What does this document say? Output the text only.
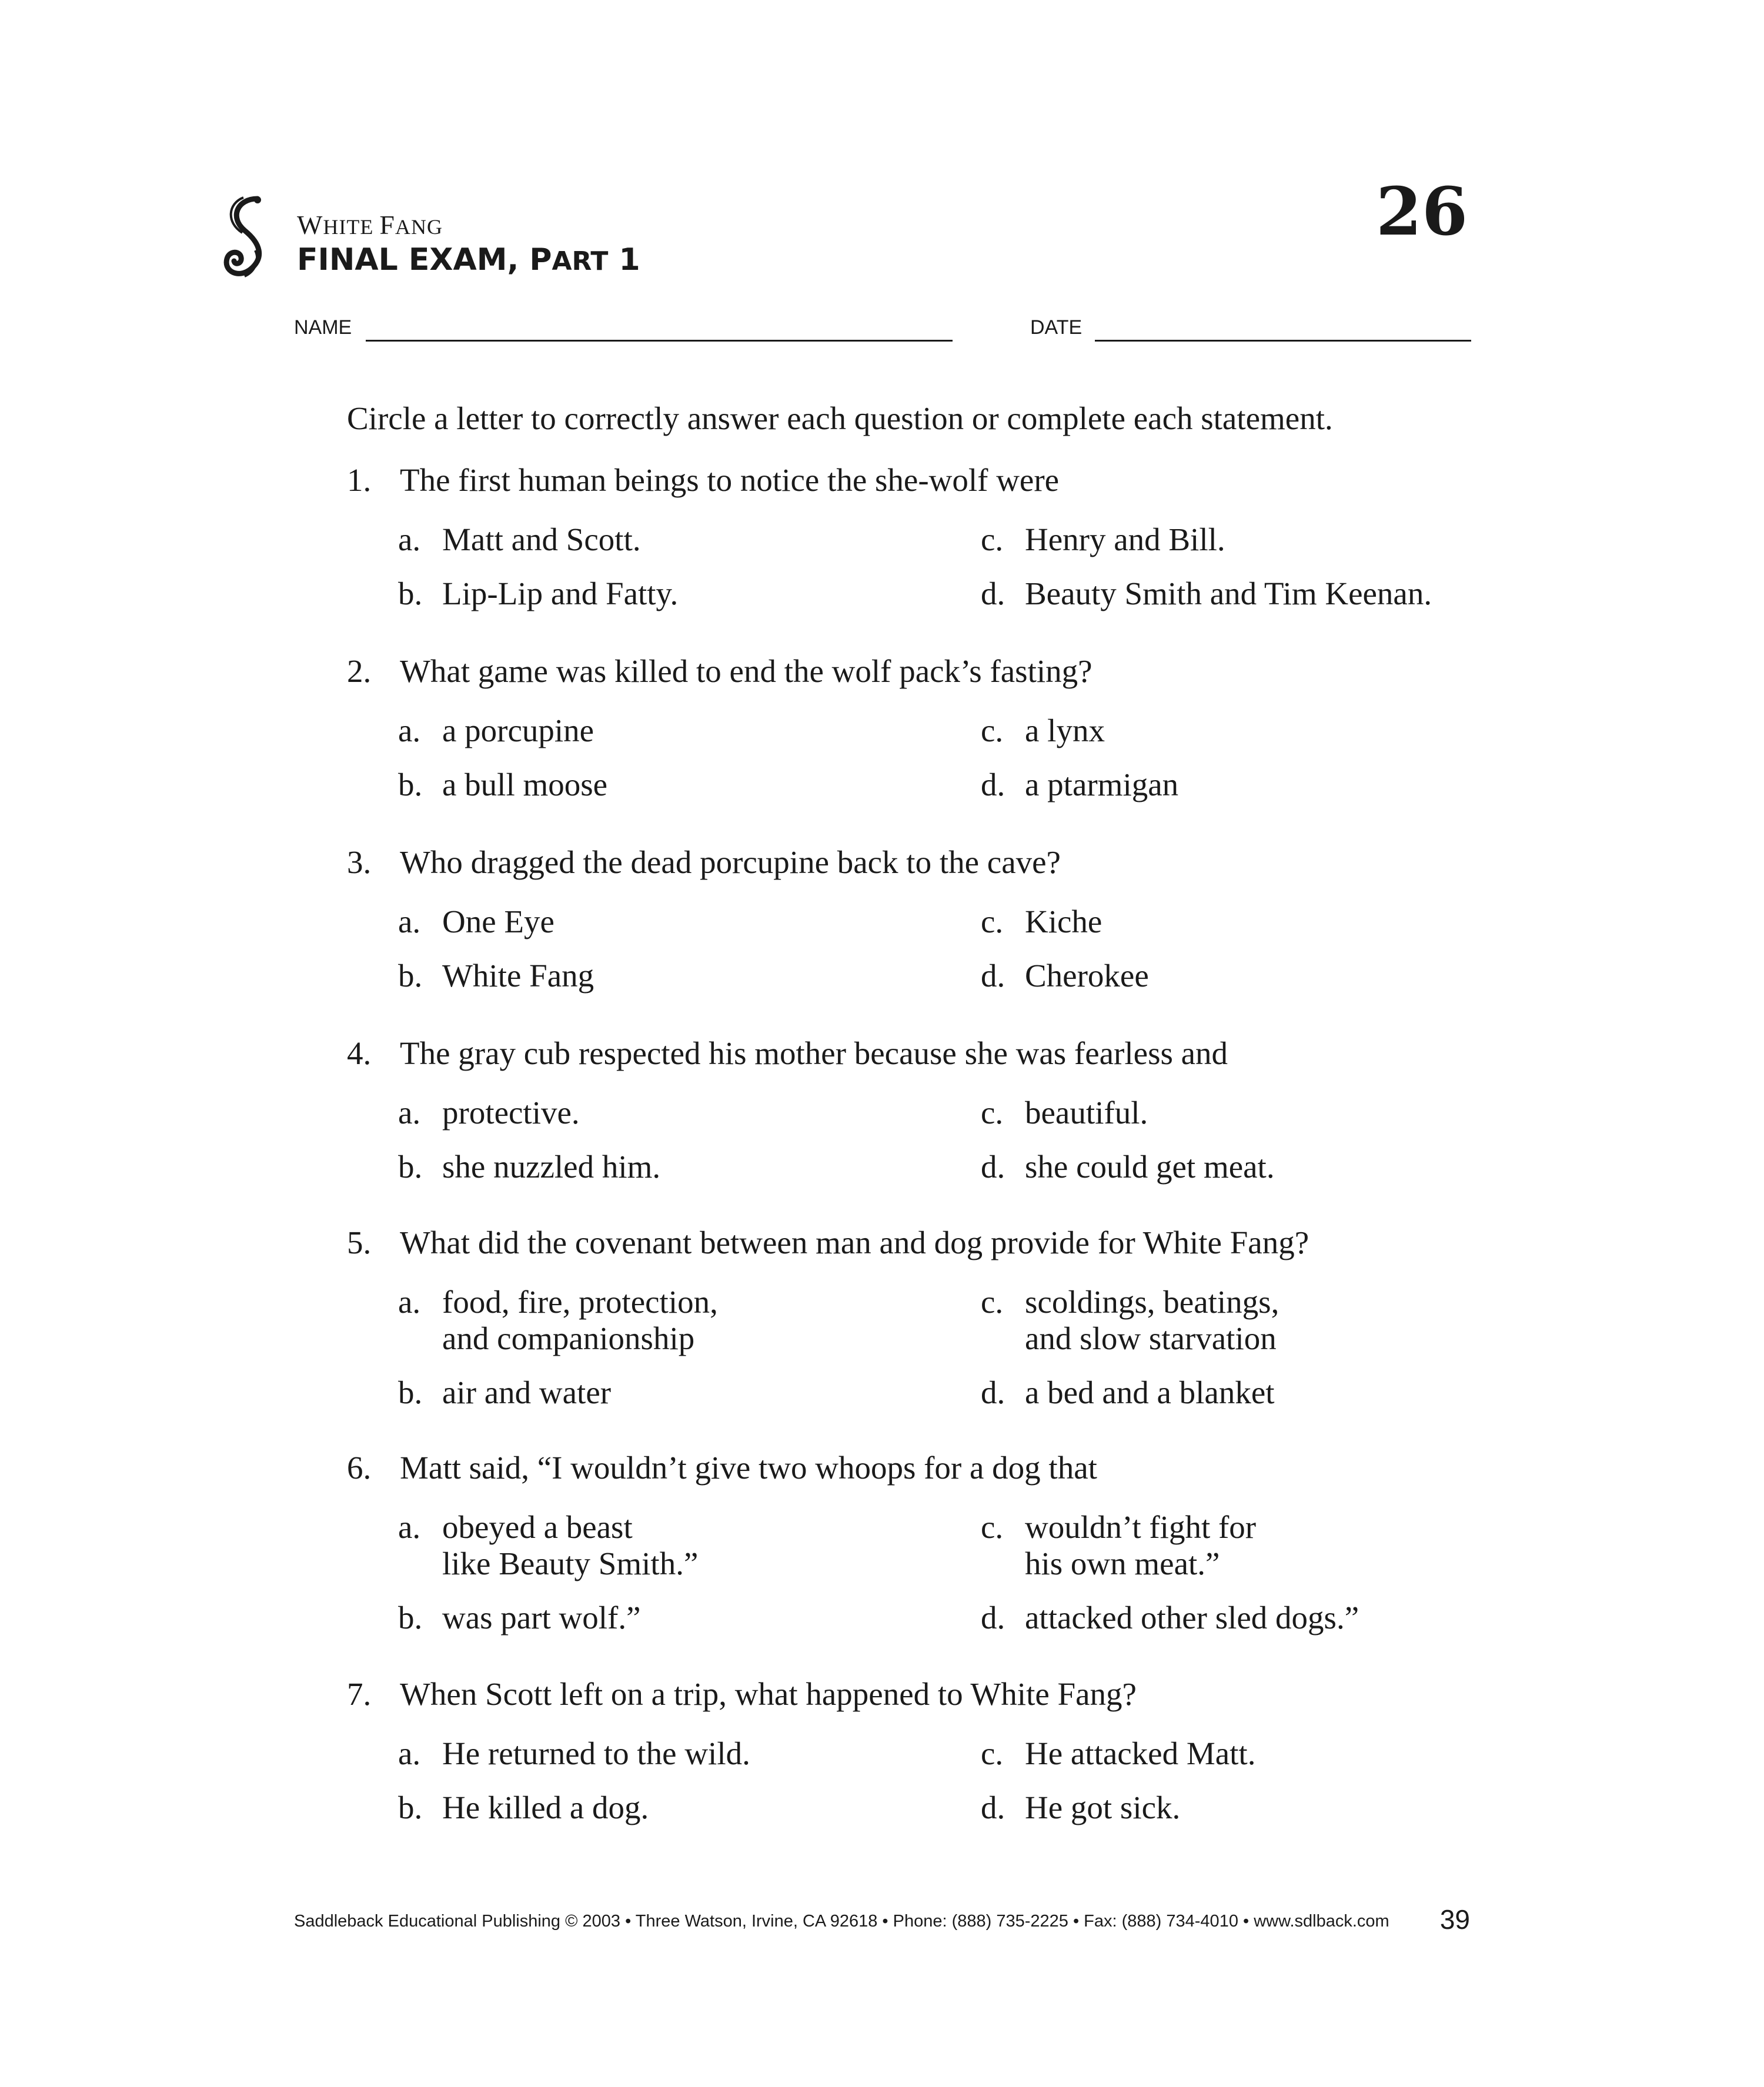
WHITE FANG
FINAL EXAM, PART 1
26
NAME	DATE
Circle a letter to correctly answer each question or complete each statement.
1. The first human beings to notice the she-wolf were
a. Matt and Scott.
b. Lip-Lip and Fatty.
c. Henry and Bill.
d. Beauty Smith and Tim Keenan.
2. What game was killed to end the wolf pack’s fasting?
a. a porcupine
b. a bull moose
c. a lynx
d. a ptarmigan
3. Who dragged the dead porcupine back to the cave?
a. One Eye
b. White Fang
c. Kiche
d. Cherokee
4. The gray cub respected his mother because she was fearless and
a. protective.
b. she nuzzled him.
c. beautiful.
d. she could get meat.
5. What did the covenant between man and dog provide for White Fang?
a. food, fire, protection,
and companionship
b. air and water
c. scoldings, beatings,
and slow starvation
d. a bed and a blanket
6. Matt said, “I wouldn’t give two whoops for a dog that
a. obeyed a beast
like Beauty Smith.”
b. was part wolf.”
c. wouldn’t fight for
his own meat.”
d. attacked other sled dogs.”
7. When Scott left on a trip, what happened to White Fang?
a. He returned to the wild.
b. He killed a dog.
c. He attacked Matt.
d. He got sick.
Saddleback Educational Publishing © 2003 • Three Watson, Irvine, CA 92618 • Phone: (888) 735-2225 • Fax: (888) 734-4010 • www.sdlback.com	39
